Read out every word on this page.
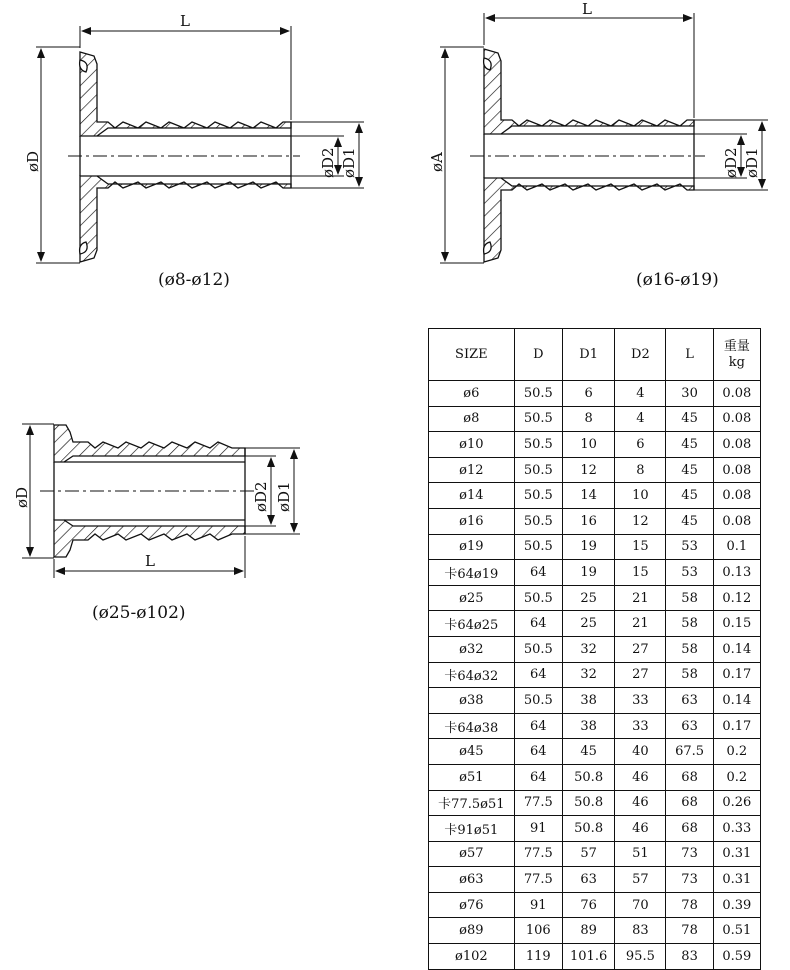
L
øD	øD2 øD1
L
øA	øD2 øD1
øD
L
øD2 øD1
(ø8-ø12)	(ø16-ø19)
(ø25-ø102)
SIZE	D	D1	D2	L	重量
kg
ø6	50.5	6	4	30	0.08
ø8	50.5	8	4	45	0.08
ø10	50.5	10	6	45	0.08
ø12	50.5	12	8	45	0.08
ø14	50.5	14	10	45	0.08
ø16	50.5	16	12	45	0.08
ø19	50.5	19	15	53	0.1
卡64ø19	64	19	15	53	0.13
ø25	50.5	25	21	58	0.12
卡64ø25	64	25	21	58	0.15
ø32	50.5	32	27	58	0.14
卡64ø32	64	32	27	58	0.17
ø38	50.5	38	33	63	0.14
卡64ø38	64	38	33	63	0.17
ø45	64	45	40	67.5	0.2
ø51	64	50.8	46	68	0.2
卡77.5ø51	77.5	50.8	46	68	0.26
卡91ø51	91	50.8	46	68	0.33
ø57	77.5	57	51	73	0.31
ø63	77.5	63	57	73	0.31
ø76	91	76	70	78	0.39
ø89	106	89	83	78	0.51
ø102	119	101.6	95.5	83	0.59
